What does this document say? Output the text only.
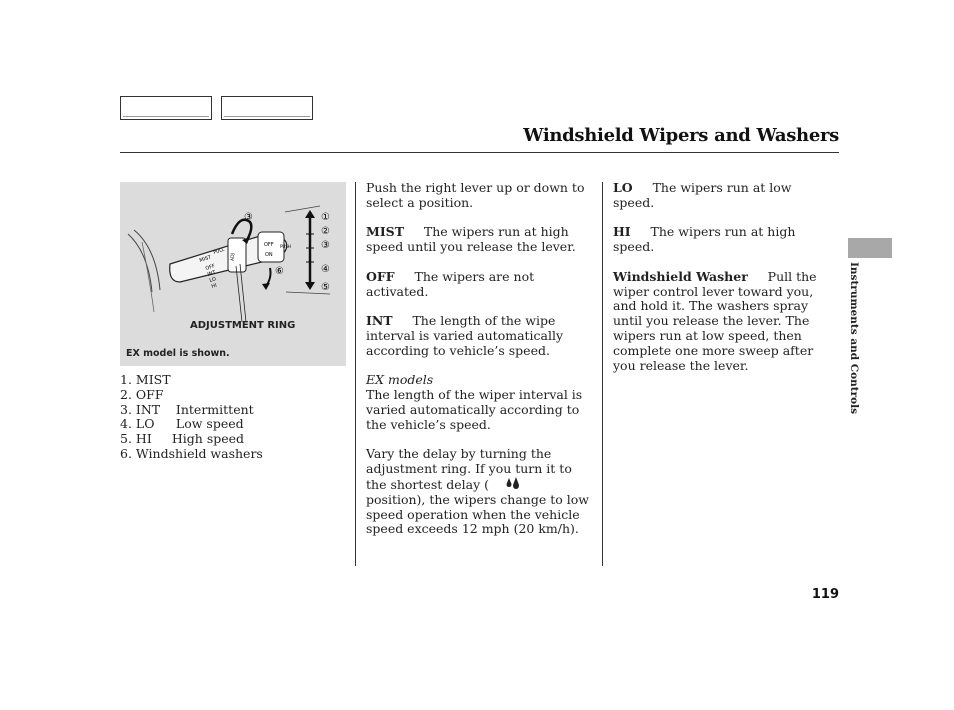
Windshield Wipers and Washers
MIST
PULL
OFF
INT
LO
HI
ADJ
OFF
ON
PUSH
①
②
③
④
⑤
⑥
③
ADJUSTMENT RING
EX model is shown.
1. MIST
2. OFF
3. INT Intermittent
4. LO Low speed
5. HI High speed
6. Windshield washers

Push the right lever up or down to select a position.

MIST The wipers run at high speed until you release the lever.

OFF The wipers are not activated.

INT The length of the wipe interval is varied automatically according to vehicle’s speed.

EX models

The length of the wiper interval is varied automatically according to the vehicle’s speed.

Vary the delay by turning the adjustment ring. If you turn it to the shortest delay (        position), the wipers change to low speed operation when the vehicle speed exceeds 12 mph (20 km/h).

LO The wipers run at low speed.

HI The wipers run at high speed.

Windshield Washer Pull the wiper control lever toward you, and hold it. The washers spray until you release the lever. The wipers run at low speed, then complete one more sweep after you release the lever.	Instruments and Controls
119
